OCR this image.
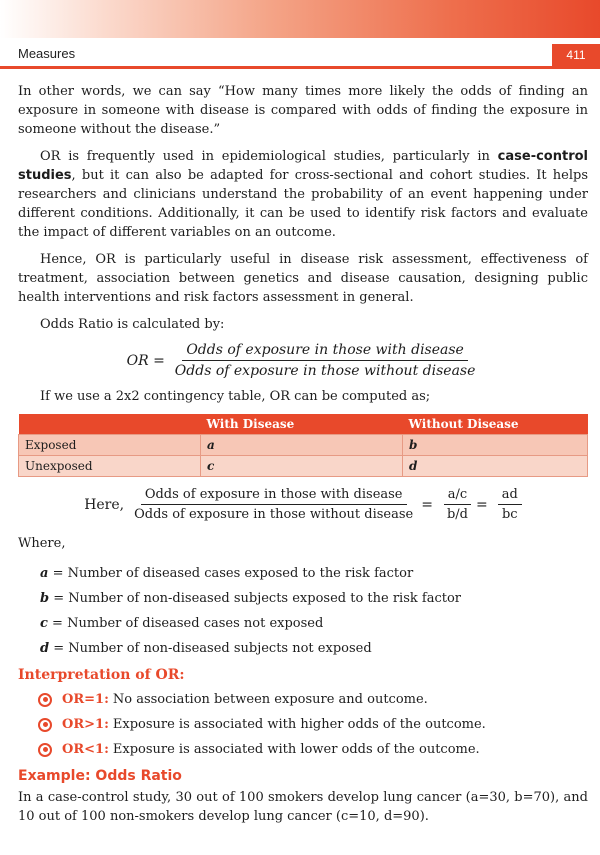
Measures	411

In other words, we can say “How many times more likely the odds of finding an exposure in someone with disease is compared with odds of finding the exposure in someone without the disease.”

OR is frequently used in epidemiological studies, particularly in case-control studies, but it can also be adapted for cross-sectional and cohort studies. It helps researchers and clinicians understand the probability of an event happening under different conditions. Additionally, it can be used to identify risk factors and evaluate the impact of different variables on an outcome.

Hence, OR is particularly useful in disease risk assessment, effectiveness of treatment, association between genetics and disease causation, designing public health interventions and risk factors assessment in general.

Odds Ratio is calculated by:

OR = $\frac{\text{Odds of exposure in those with disease}}{\text{Odds of exposure in those without disease}}$

If we use a 2x2 contingency table, OR can be computed as;

	With Disease	Without Disease
Exposed	a	b
Unexposed	c	d
Here, $\frac{\text{Odds of exposure in those with disease}}{\text{Odds of exposure in those without disease}} = \frac{a/c}{b/d} = \frac{ad}{bc}$

Where,

a = Number of diseased cases exposed to the risk factor
b = Number of non-diseased subjects exposed to the risk factor
c = Number of diseased cases not exposed
d = Number of non-diseased subjects not exposed
Interpretation of OR:
OR=1: No association between exposure and outcome.
OR>1: Exposure is associated with higher odds of the outcome.
OR<1: Exposure is associated with lower odds of the outcome.
Example: Odds Ratio

In a case-control study, 30 out of 100 smokers develop lung cancer (a=30, b=70), and 10 out of 100 non-smokers develop lung cancer (c=10, d=90).
